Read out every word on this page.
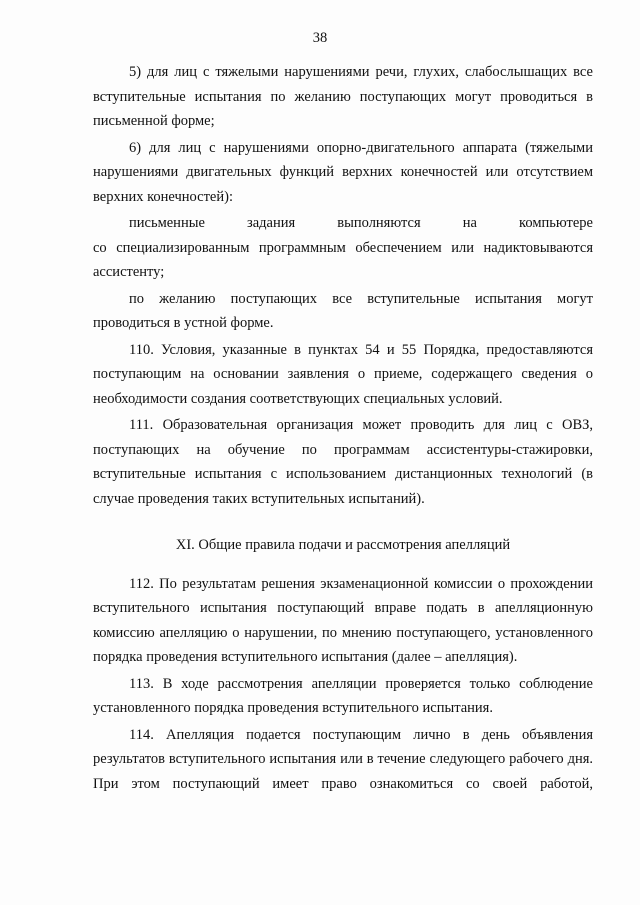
38

5) для лиц с тяжелыми нарушениями речи, глухих, слабослышащих все вступительные испытания по желанию поступающих могут проводиться в письменной форме;

6) для лиц с нарушениями опорно-двигательного аппарата (тяжелыми нарушениями двигательных функций верхних конечностей или отсутствием верхних конечностей):

письменные	задания	выполняются	на	компьютере

со специализированным программным обеспечением или надиктовываются ассистенту;

по желанию поступающих все вступительные испытания могут проводиться в устной форме.

110. Условия, указанные в пунктах 54 и 55 Порядка, предоставляются поступающим на основании заявления о приеме, содержащего сведения о необходимости создания соответствующих специальных условий.

111. Образовательная организация может проводить для лиц с ОВЗ, поступающих на обучение по программам ассистентуры-стажировки, вступительные испытания с использованием дистанционных технологий (в случае проведения таких вступительных испытаний).

XI. Общие правила подачи и рассмотрения апелляций

112. По результатам решения экзаменационной комиссии о прохождении вступительного испытания поступающий вправе подать в апелляционную комиссию апелляцию о нарушении, по мнению поступающего, установленного порядка проведения вступительного испытания (далее – апелляция).

113. В ходе рассмотрения апелляции проверяется только соблюдение установленного порядка проведения вступительного испытания.

114. Апелляция подается поступающим лично в день объявления результатов вступительного испытания или в течение следующего рабочего дня. При этом поступающий имеет право ознакомиться со своей работой,
